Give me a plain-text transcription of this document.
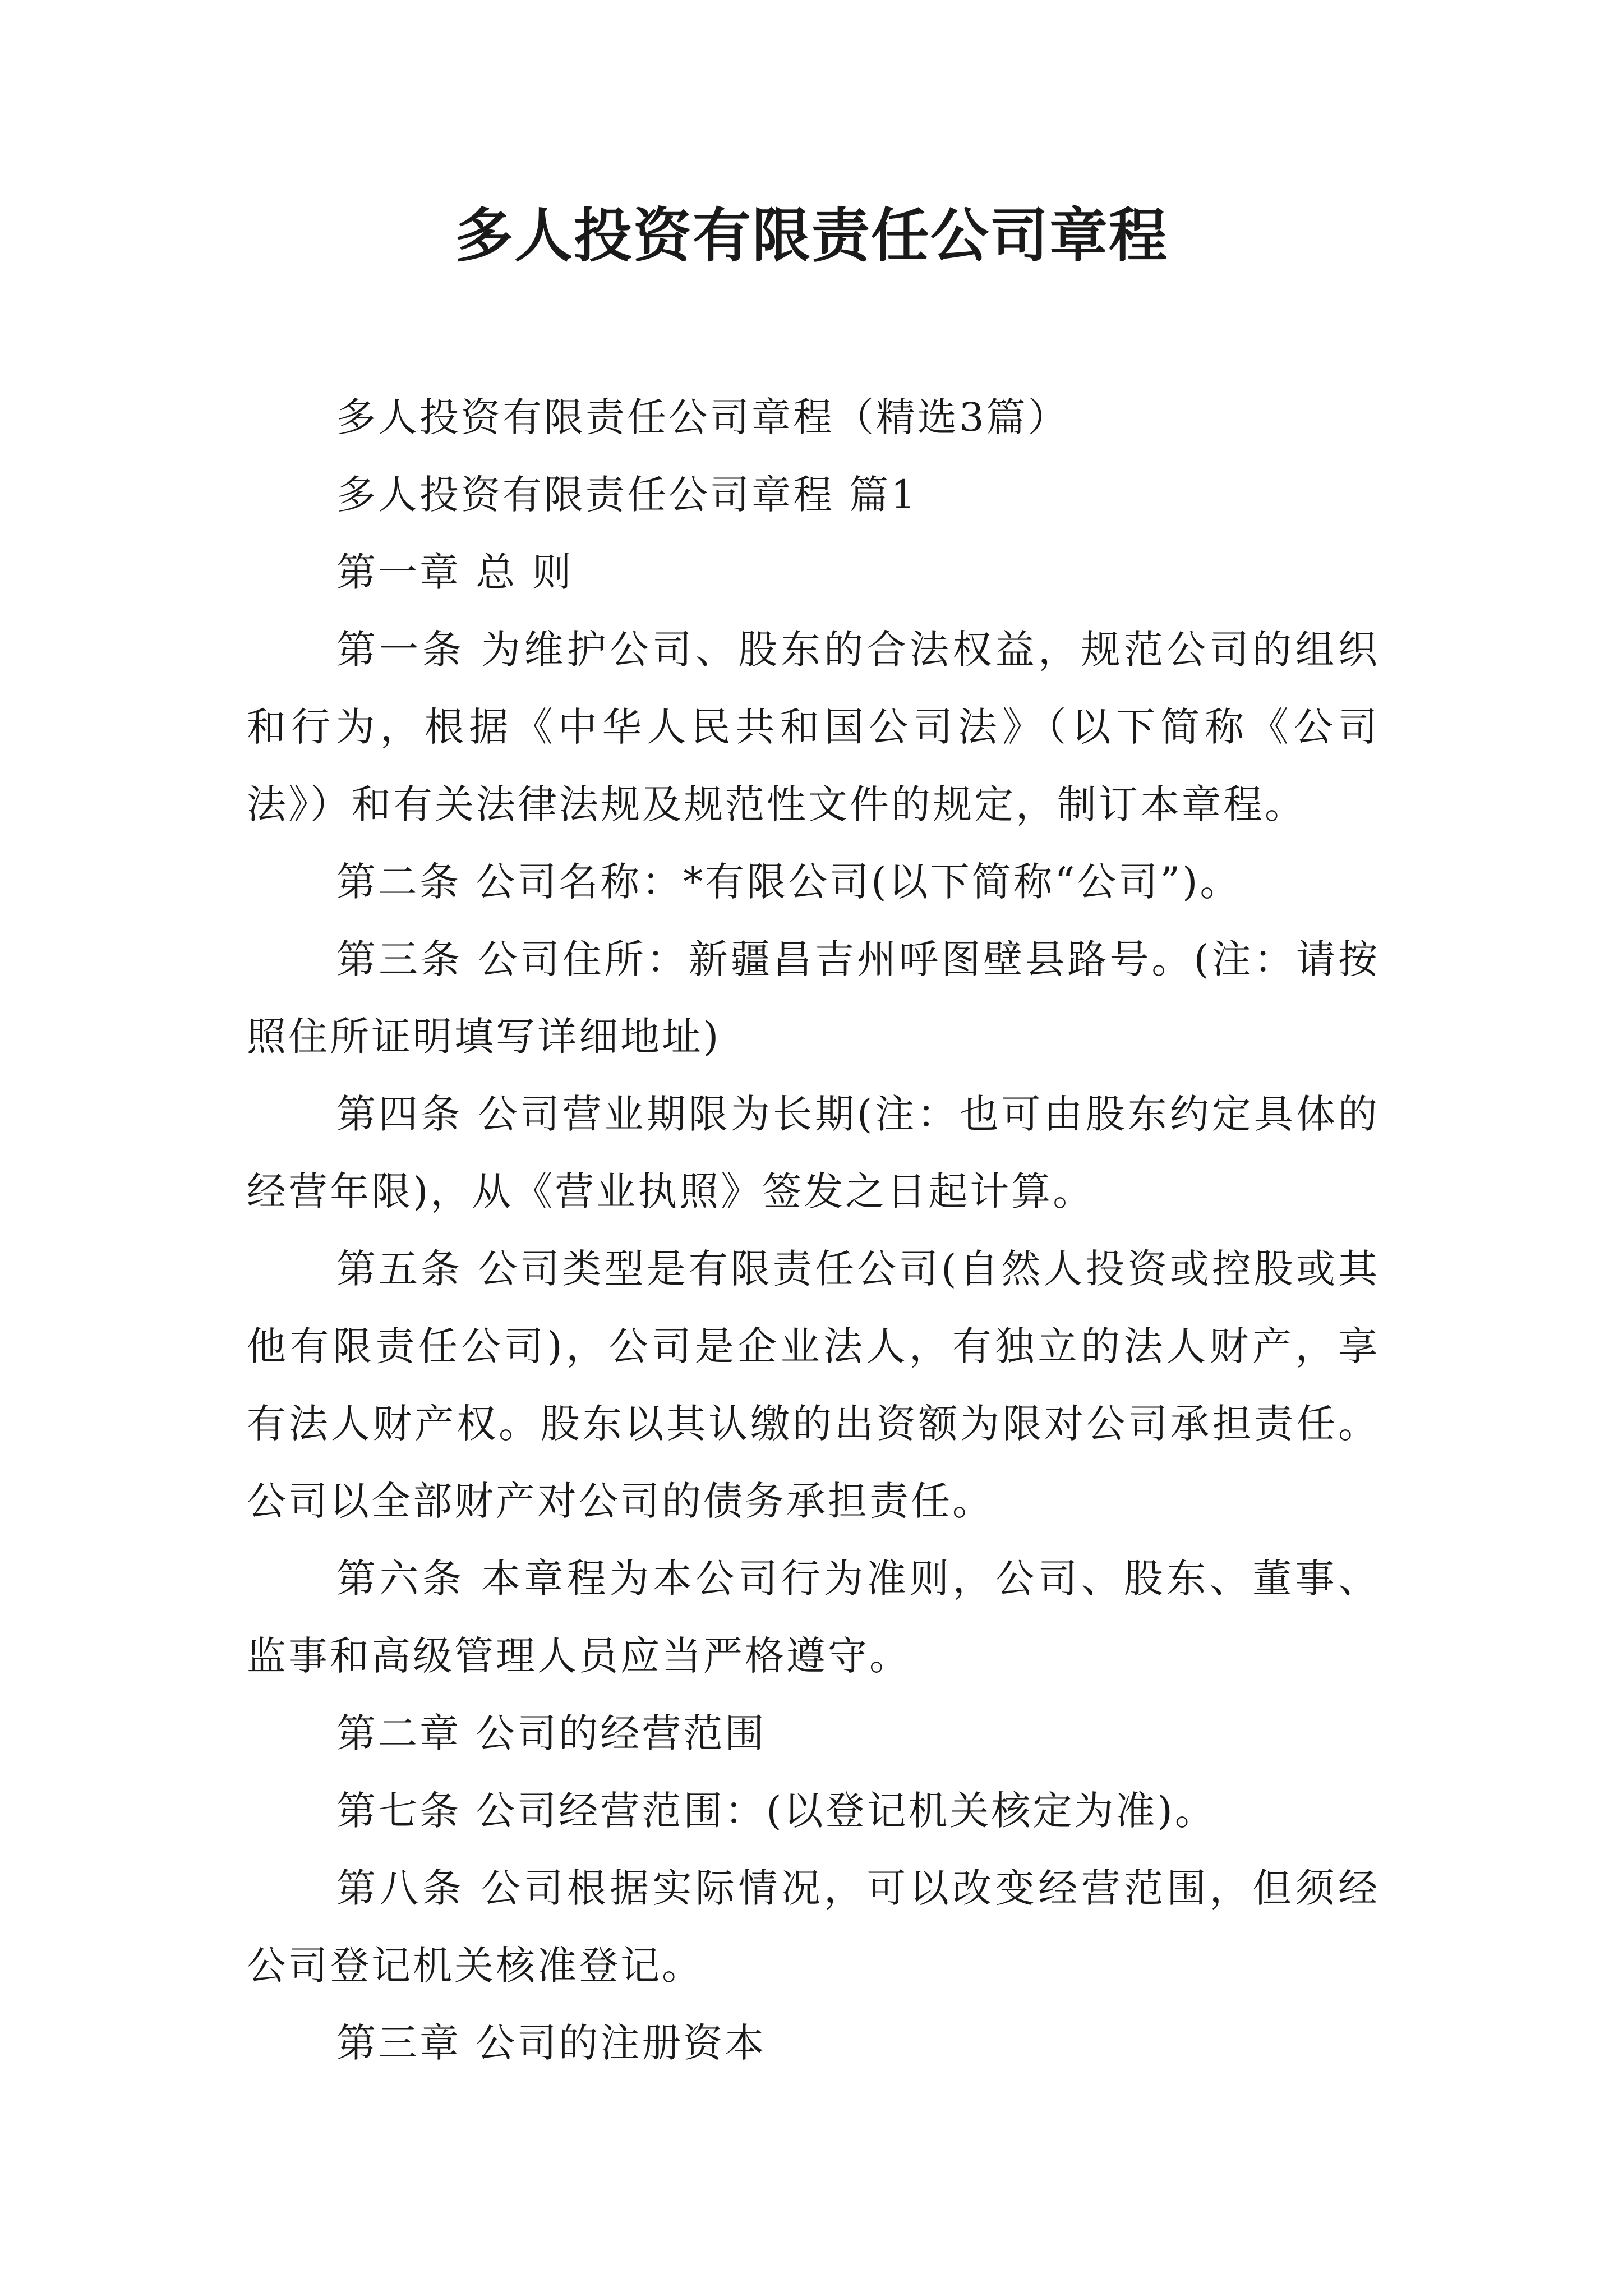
多人投资有限责任公司章程

多人投资有限责任公司章程（精选3篇）

多人投资有限责任公司章程 篇1

第一章 总 则

第一条 为维护公司、股东的合法权益，规范公司的组织和行为，根据《中华人民共和国公司法》（以下简称《公司法》）和有关法律法规及规范性文件的规定，制订本章程。

第二条 公司名称：*有限公司(以下简称“公司”)。

第三条 公司住所：新疆昌吉州呼图壁县路号。(注：请按照住所证明填写详细地址)

第四条 公司营业期限为长期(注：也可由股东约定具体的经营年限)，从《营业执照》签发之日起计算。

第五条 公司类型是有限责任公司(自然人投资或控股或其他有限责任公司)，公司是企业法人，有独立的法人财产，享有法人财产权。股东以其认缴的出资额为限对公司承担责任。公司以全部财产对公司的债务承担责任。

第六条 本章程为本公司行为准则，公司、股东、董事、监事和高级管理人员应当严格遵守。

第二章 公司的经营范围

第七条 公司经营范围：(以登记机关核定为准)。

第八条 公司根据实际情况，可以改变经营范围，但须经公司登记机关核准登记。

第三章 公司的注册资本
